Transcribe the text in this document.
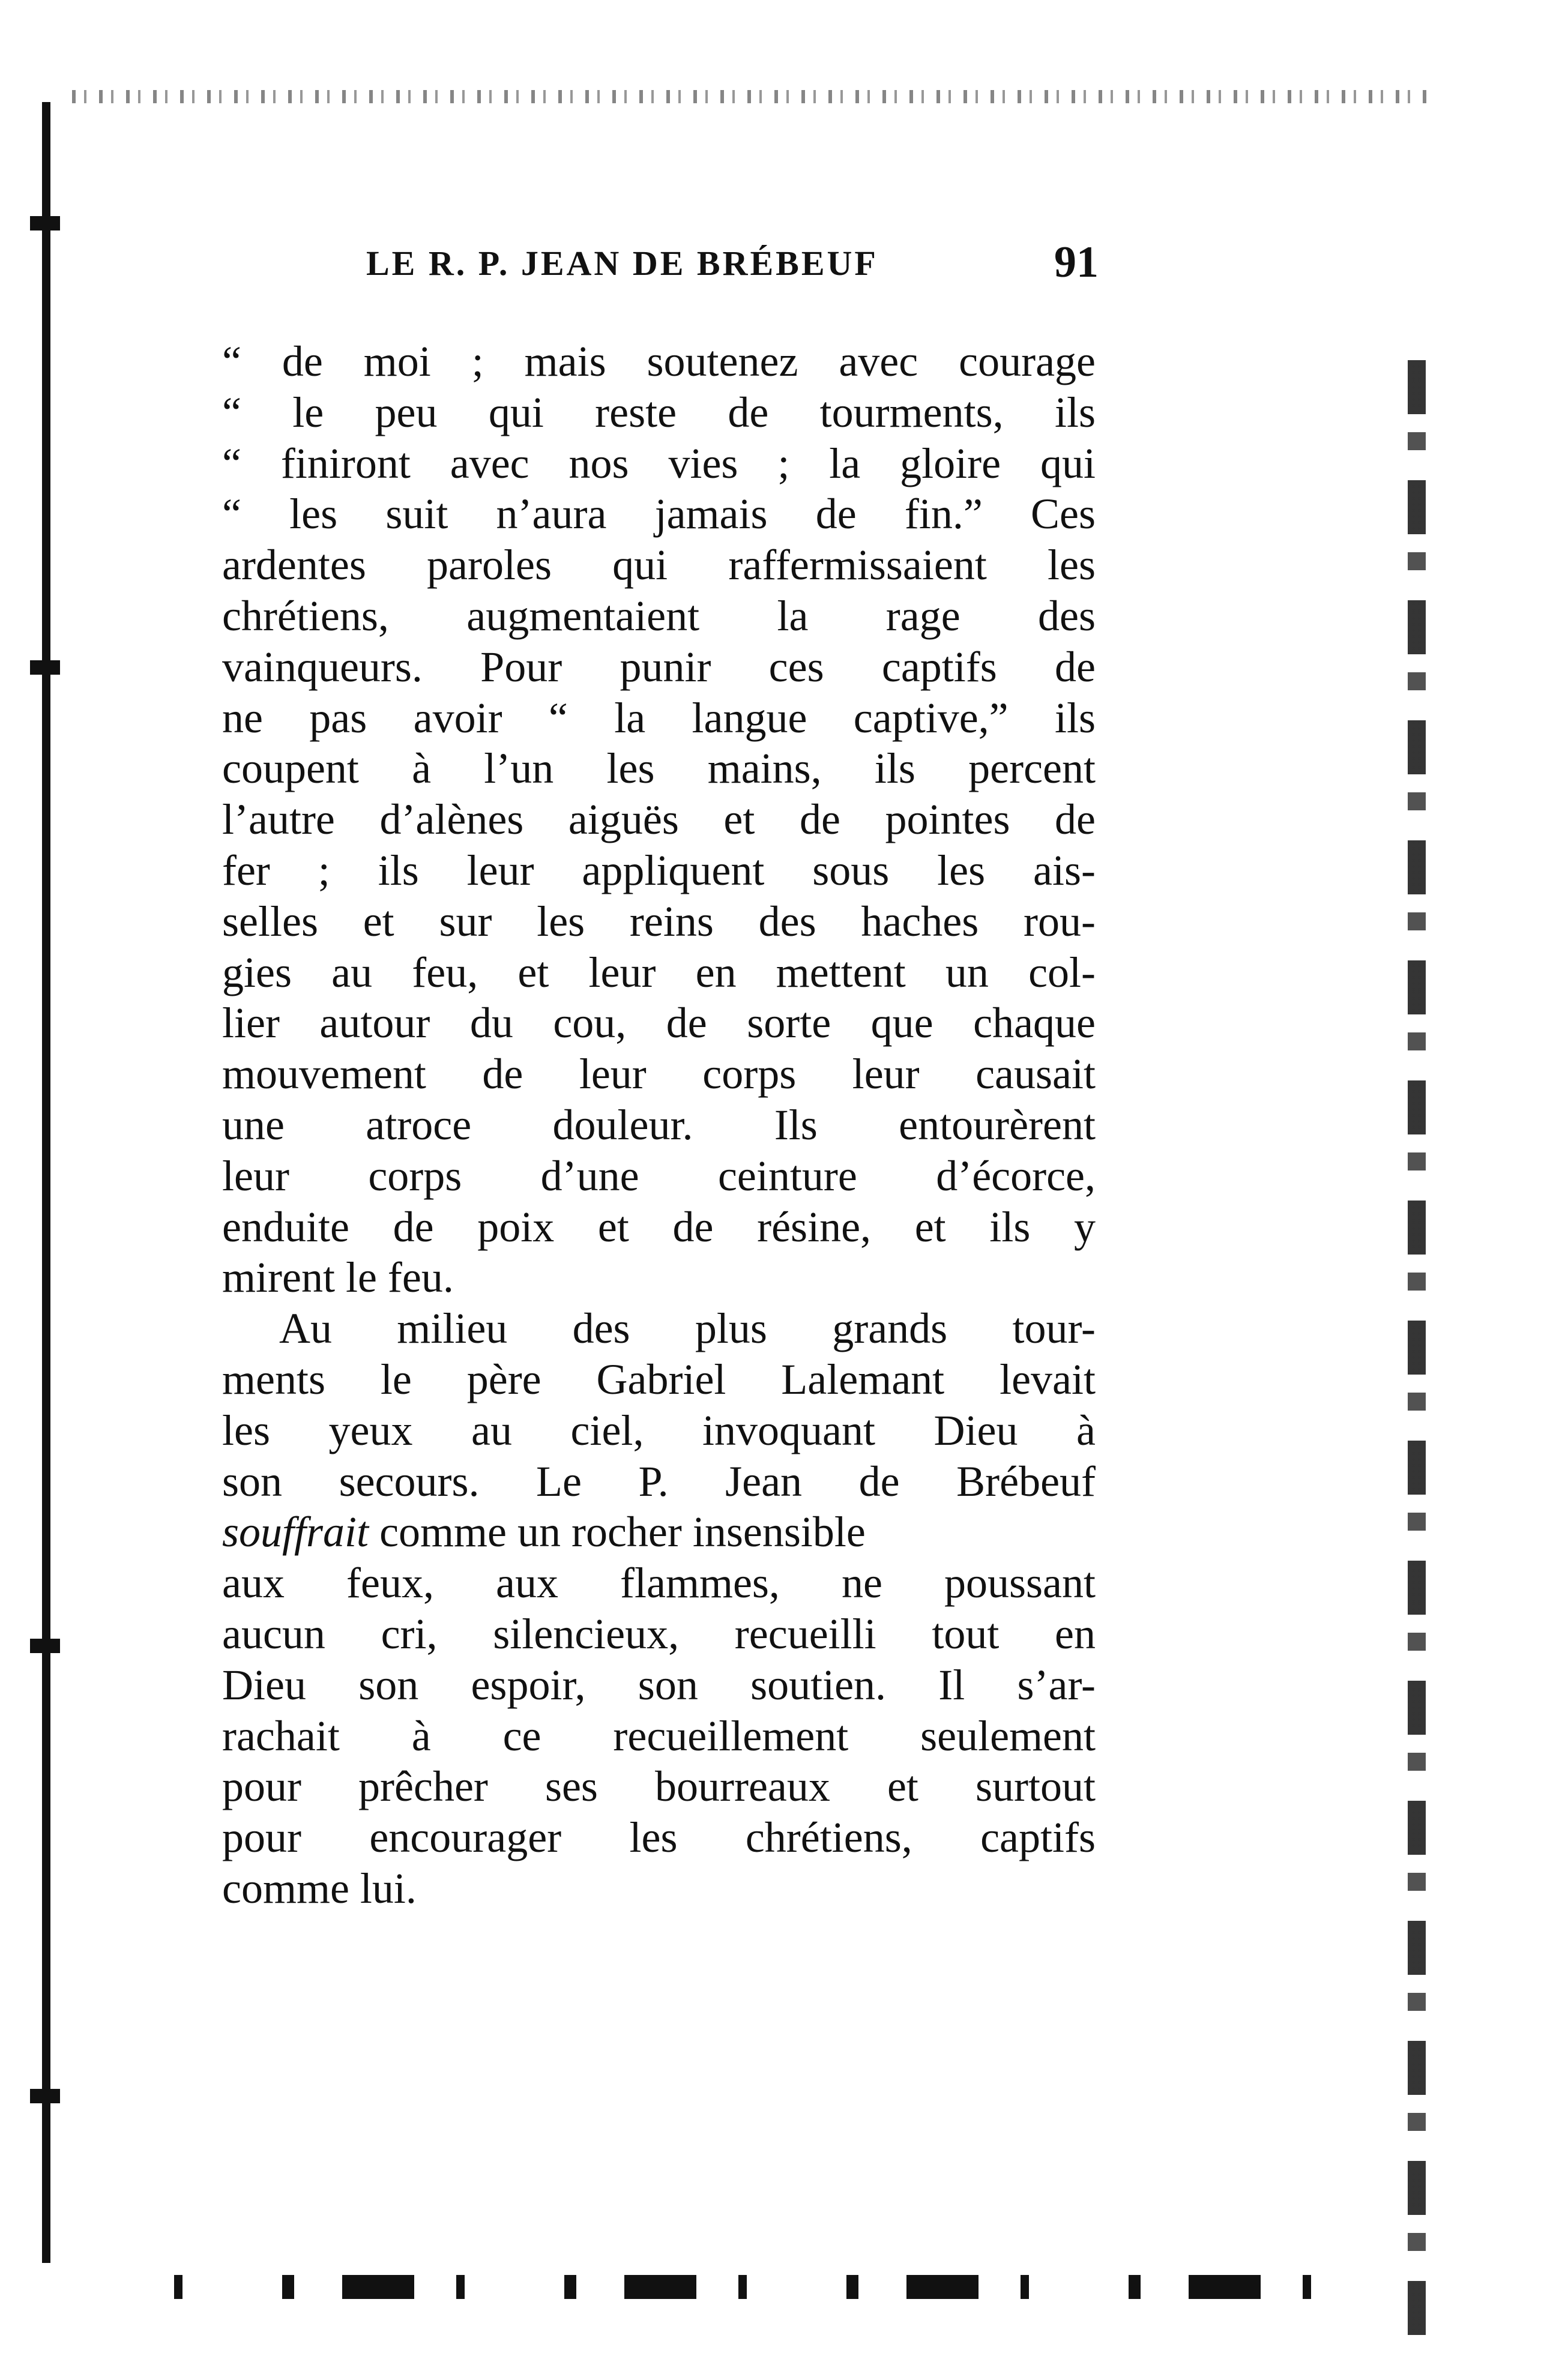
LE R. P. JEAN DE BRÉBEUF	91
“ de moi ; mais soutenez avec courage
“ le peu qui reste de tourments, ils
“ finiront avec nos vies ; la gloire qui
“ les suit n’aura jamais de fin.” Ces
ardentes paroles qui raffermissaient les
chrétiens, augmentaient la rage des
vainqueurs. Pour punir ces captifs de
ne pas avoir “ la langue captive,” ils
coupent à l’un les mains, ils percent
l’autre d’alènes aiguës et de pointes de
fer ; ils leur appliquent sous les ais-
selles et sur les reins des haches rou-
gies au feu, et leur en mettent un col-
lier autour du cou, de sorte que chaque
mouvement de leur corps leur causait
une atroce douleur. Ils entourèrent
leur corps d’une ceinture d’écorce,
enduite de poix et de résine, et ils y
mirent le feu.
Au milieu des plus grands tour-
ments le père Gabriel Lalemant levait
les yeux au ciel, invoquant Dieu à
son secours. Le P. Jean de Brébeuf
souffrait comme un rocher insensible
aux feux, aux flammes, ne poussant
aucun cri, silencieux, recueilli tout en
Dieu son espoir, son soutien. Il s’ar-
rachait à ce recueillement seulement
pour prêcher ses bourreaux et surtout
pour encourager les chrétiens, captifs
comme lui.
